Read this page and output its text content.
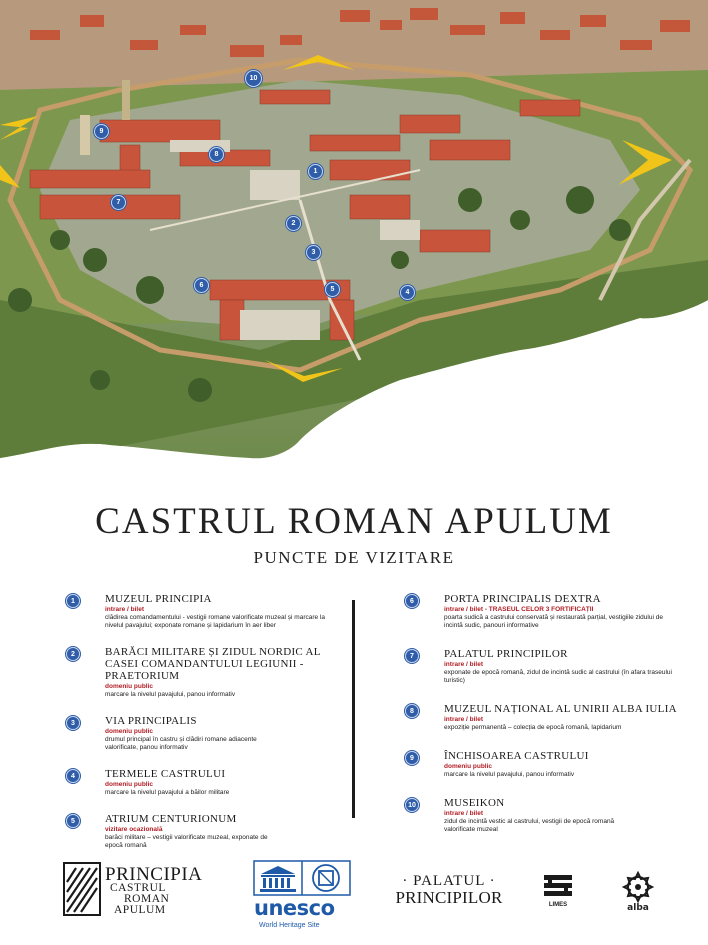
1
2
3
4
5
6
7
8
9
10
CASTRUL ROMAN APULUM
PUNCTE DE VIZITARE
1	MUZEUL PRINCIPIA
intrare / bilet
clădirea comandamentului - vestigii romane valorificate muzeal și marcare la nivelul pavajului; exponate romane și lapidarium în aer liber
2	BARĂCI MILITARE ȘI ZIDUL NORDIC AL CASEI COMANDANTULUI LEGIUNII - PRAETORIUM
domeniu public
marcare la nivelul pavajului, panou informativ
3	VIA PRINCIPALIS
domeniu public
drumul principal în castru și clădiri romane adiacente valorificate, panou informativ
4	TERMELE CASTRULUI
domeniu public
marcare la nivelul pavajului a băilor militare
5	ATRIUM CENTURIONUM
vizitare ocazională
barăci militare – vestigii valorificate muzeal, exponate de epocă romană
6	PORTA PRINCIPALIS DEXTRA
intrare / bilet - TRASEUL CELOR 3 FORTIFICAȚII
poarta sudică a castrului conservată și restaurată parțial, vestigiile zidului de incintă sudic, panouri informative
7	PALATUL PRINCIPILOR
intrare / bilet
exponate de epocă romană, zidul de incintă sudic al castrului (în afara traseului turistic)
8	MUZEUL NAȚIONAL AL UNIRII ALBA IULIA
intrare / bilet
expoziție permanentă – colecția de epocă romană, lapidarium
9	ÎNCHISOAREA CASTRULUI
domeniu public
marcare la nivelul pavajului, panou informativ
10	MUSEIKON
intrare / bilet
zidul de incintă vestic al castrului, vestigii de epocă romană valorificate muzeal
PRINCIPIA
CASTRUL
ROMAN
APULUM	unesco
World Heritage Site
· PALATUL ·
PRINCIPILOR	LIMES	alba
